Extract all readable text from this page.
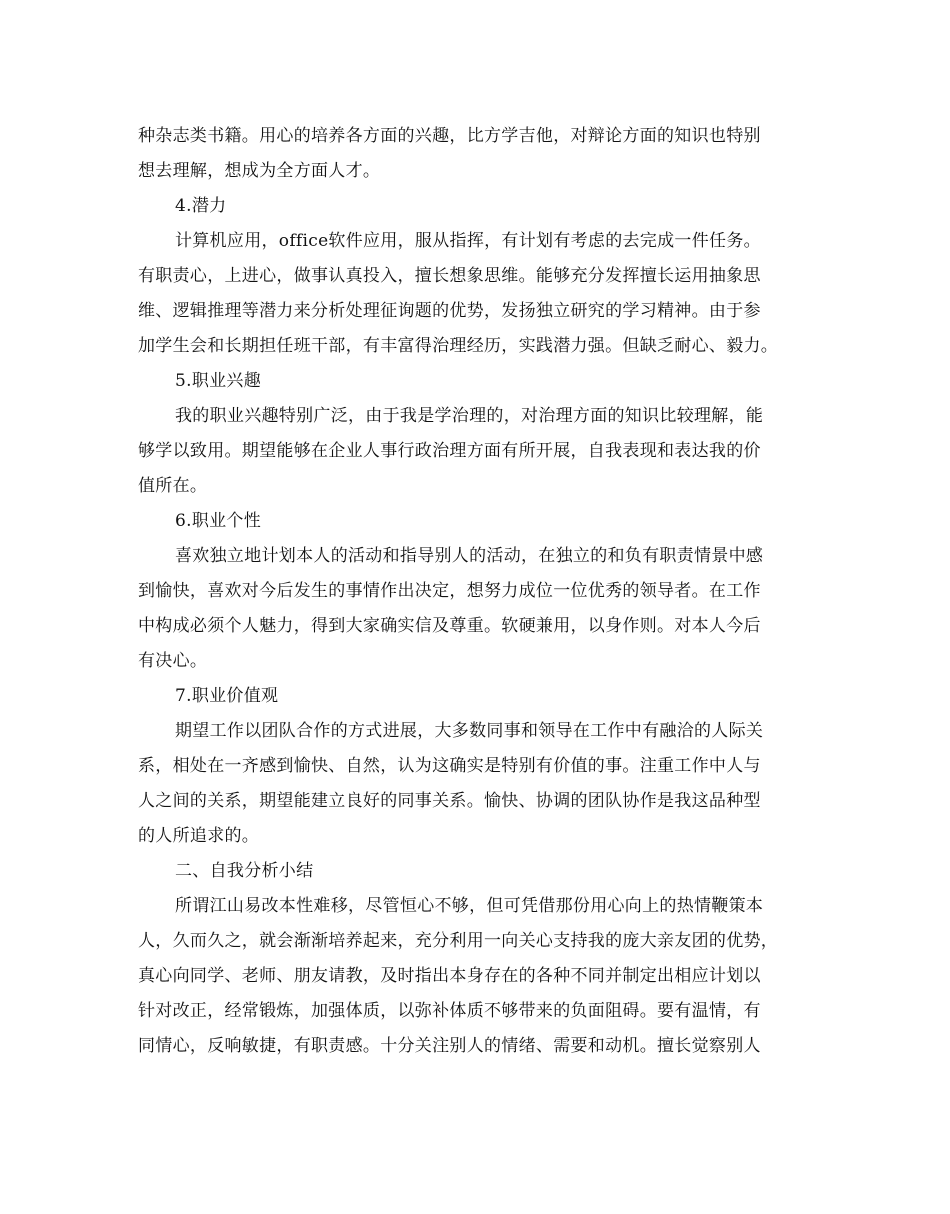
种杂志类书籍。用心的培养各方面的兴趣，比方学吉他，对辩论方面的知识也特别
想去理解，想成为全方面人才。
4.潜力
计算机应用，office软件应用，服从指挥，有计划有考虑的去完成一件任务。
有职责心，上进心，做事认真投入，擅长想象思维。能够充分发挥擅长运用抽象思
维、逻辑推理等潜力来分析处理征询题的优势，发扬独立研究的学习精神。由于参
加学生会和长期担任班干部，有丰富得治理经历，实践潜力强。但缺乏耐心、毅力。
5.职业兴趣
我的职业兴趣特别广泛，由于我是学治理的，对治理方面的知识比较理解，能
够学以致用。期望能够在企业人事行政治理方面有所开展，自我表现和表达我的价
值所在。
6.职业个性
喜欢独立地计划本人的活动和指导别人的活动，在独立的和负有职责情景中感
到愉快，喜欢对今后发生的事情作出决定，想努力成位一位优秀的领导者。在工作
中构成必须个人魅力，得到大家确实信及尊重。软硬兼用，以身作则。对本人今后
有决心。
7.职业价值观
期望工作以团队合作的方式进展，大多数同事和领导在工作中有融洽的人际关
系，相处在一齐感到愉快、自然，认为这确实是特别有价值的事。注重工作中人与
人之间的关系，期望能建立良好的同事关系。愉快、协调的团队协作是我这品种型
的人所追求的。
二、自我分析小结
所谓江山易改本性难移，尽管恒心不够，但可凭借那份用心向上的热情鞭策本
人，久而久之，就会渐渐培养起来，充分利用一向关心支持我的庞大亲友团的优势，
真心向同学、老师、朋友请教，及时指出本身存在的各种不同并制定出相应计划以
针对改正，经常锻炼，加强体质，以弥补体质不够带来的负面阻碍。要有温情，有
同情心，反响敏捷，有职责感。十分关注别人的情绪、需要和动机。擅长觉察别人
